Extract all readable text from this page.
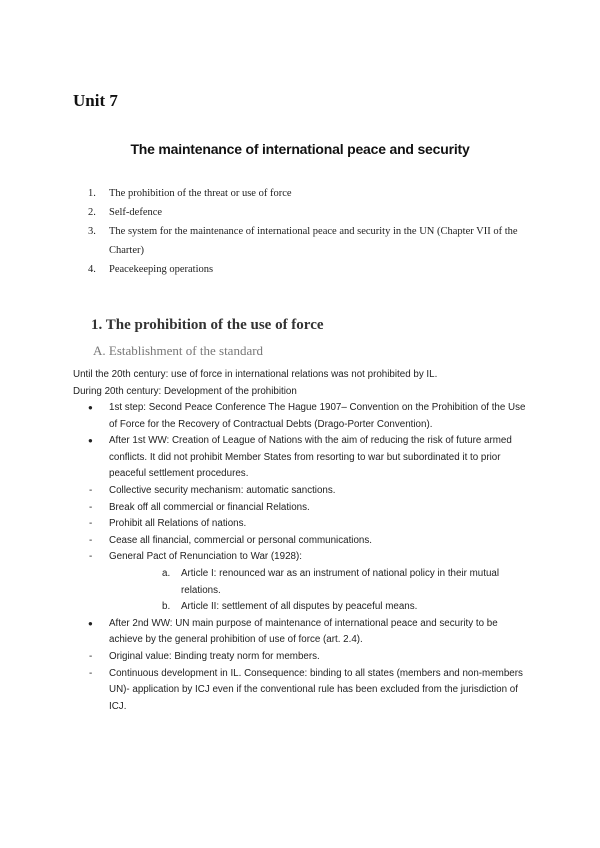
Unit 7
The maintenance of international peace and security
1. The prohibition of the threat or use of force
2. Self-defence
3. The system for the maintenance of international peace and security in the UN (Chapter VII of the Charter)
4. Peacekeeping operations
1. The prohibition of the use of force
A. Establishment of the standard

Until the 20th century: use of force in international relations was not prohibited by IL.

During 20th century: Development of the prohibition

● 1st step: Second Peace Conference The Hague 1907– Convention on the Prohibition of the Use of Force for the Recovery of Contractual Debts (Drago-Porter Convention).
● After 1st WW: Creation of League of Nations with the aim of reducing the risk of future armed conflicts. It did not prohibit Member States from resorting to war but subordinated it to prior peaceful settlement procedures.
- Collective security mechanism: automatic sanctions.
- Break off all commercial or financial Relations.
- Prohibit all Relations of nations.
- Cease all financial, commercial or personal communications.
- General Pact of Renunciation to War (1928):
a. Article I: renounced war as an instrument of national policy in their mutual relations.
b. Article II: settlement of all disputes by peaceful means.
● After 2nd WW: UN main purpose of maintenance of international peace and security to be achieve by the general prohibition of use of force (art. 2.4).
- Original value: Binding treaty norm for members.
- Continuous development in IL. Consequence: binding to all states (members and non-members UN)- application by ICJ even if the conventional rule has been excluded from the jurisdiction of ICJ.
